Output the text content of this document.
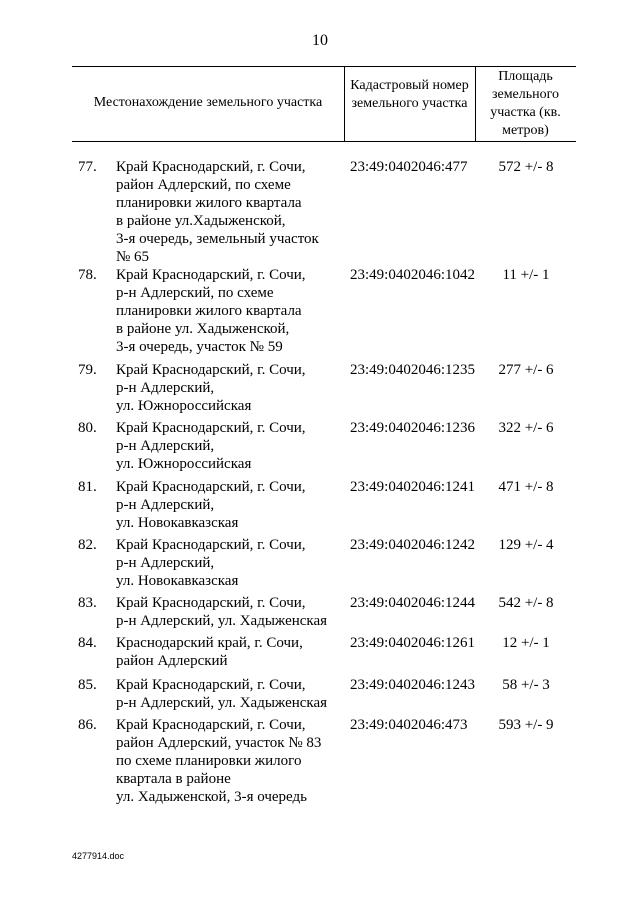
10
Местонахождение земельного участка
Кадастровый номер земельного участка
Площадь земельного участка (кв. метров)
77.	Край Краснодарский, г. Сочи,
район Адлерский, по схеме
планировки жилого квартала
в районе ул.Хадыженской,
3-я очередь, земельный участок
№ 65
23:49:0402046:477	572 +/- 8
78.	Край Краснодарский, г. Сочи,
р-н Адлерский, по схеме
планировки жилого квартала
в районе ул. Хадыженской,
3-я очередь, участок № 59
23:49:0402046:1042	11 +/- 1
79.	Край Краснодарский, г. Сочи,
р-н Адлерский,
ул. Южнороссийская
23:49:0402046:1235	277 +/- 6
80.	Край Краснодарский, г. Сочи,
р-н Адлерский,
ул. Южнороссийская
23:49:0402046:1236	322 +/- 6
81.	Край Краснодарский, г. Сочи,
р-н Адлерский,
ул. Новокавказская
23:49:0402046:1241	471 +/- 8
82.	Край Краснодарский, г. Сочи,
р-н Адлерский,
ул. Новокавказская
23:49:0402046:1242	129 +/- 4
83.	Край Краснодарский, г. Сочи,
р-н Адлерский, ул. Хадыженская
23:49:0402046:1244	542 +/- 8
84.	Краснодарский край, г. Сочи,
район Адлерский
23:49:0402046:1261	12 +/- 1
85.	Край Краснодарский, г. Сочи,
р-н Адлерский, ул. Хадыженская
23:49:0402046:1243	58 +/- 3
86.	Край Краснодарский, г. Сочи,
район Адлерский, участок № 83
по схеме планировки жилого
квартала в районе
ул. Хадыженской, 3-я очередь
23:49:0402046:473	593 +/- 9
4277914.doc
